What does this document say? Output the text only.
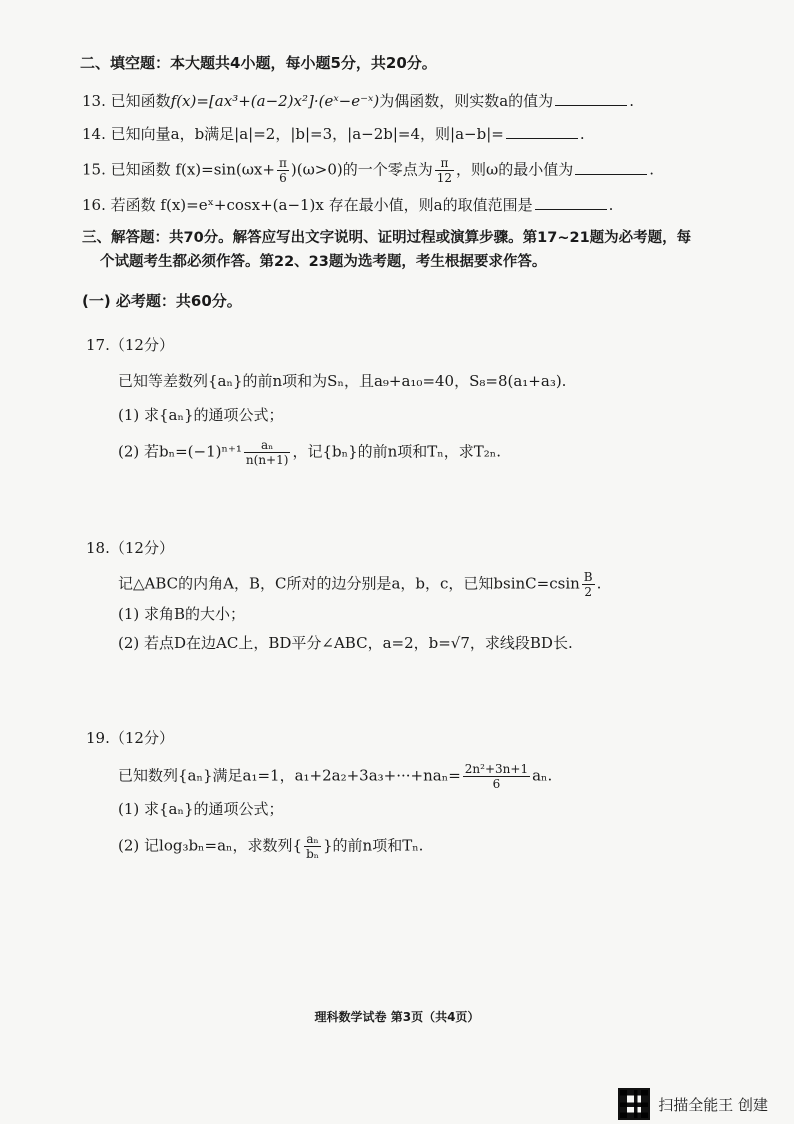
二、填空题：本大题共4小题，每小题5分，共20分。
13. 已知函数f(x)=[ax³+(a−2)x²]·(eˣ−e⁻ˣ)为偶函数，则实数a的值为	.
14. 已知向量a，b满足|a|=2，|b|=3，|a−2b|=4，则|a−b|=	.
15. 已知函数 $f(x)=\sin(\omega x+ \frac{\pi}{6} )(\omega>0)$的一个零点为 $\frac{\pi}{12}$ ，则ω的最小值为	.
16. 若函数 f(x)=eˣ+cosx+(a−1)x 存在最小值，则a的取值范围是	.
三、解答题：共70分。解答应写出文字说明、证明过程或演算步骤。第17~21题为必考题，每
个试题考生都必须作答。第22、23题为选考题，考生根据要求作答。
(一) 必考题：共60分。
17.（12分）
已知等差数列{aₙ}的前n项和为Sₙ，且a₉+a₁₀=40，S₈=8(a₁+a₃).
(1) 求{aₙ}的通项公式；
(2) 若$b_n=(-1)^{n+1} \frac{\text{aₙ}}{n(n+1)}$ ，记{bₙ}的前n项和Tₙ，求T₂ₙ.
18.（12分）
记△ABC的内角A，B，C所对的边分别是a，b，c，已知$bsinC=csin \frac{B}{2}$ .
(1) 求角B的大小；
(2) 若点D在边AC上，BD平分∠ABC，a=2，b=√7，求线段BD长.
19.（12分）
已知数列{aₙ}满足a₁=1，$a_1+2a_2+3a_3+\cdot\cdot\cdot+na_n= \frac{\text{2n²+3n+1}}{6} a_n$.
(1) 求{aₙ}的通项公式；
(2) 记log₃bₙ=aₙ，求数列{ $\frac{\text{aₙ}}{\text{bₙ}}$ }的前n项和Tₙ.
理科数学试卷 第3页（共4页）
扫描全能王 创建
